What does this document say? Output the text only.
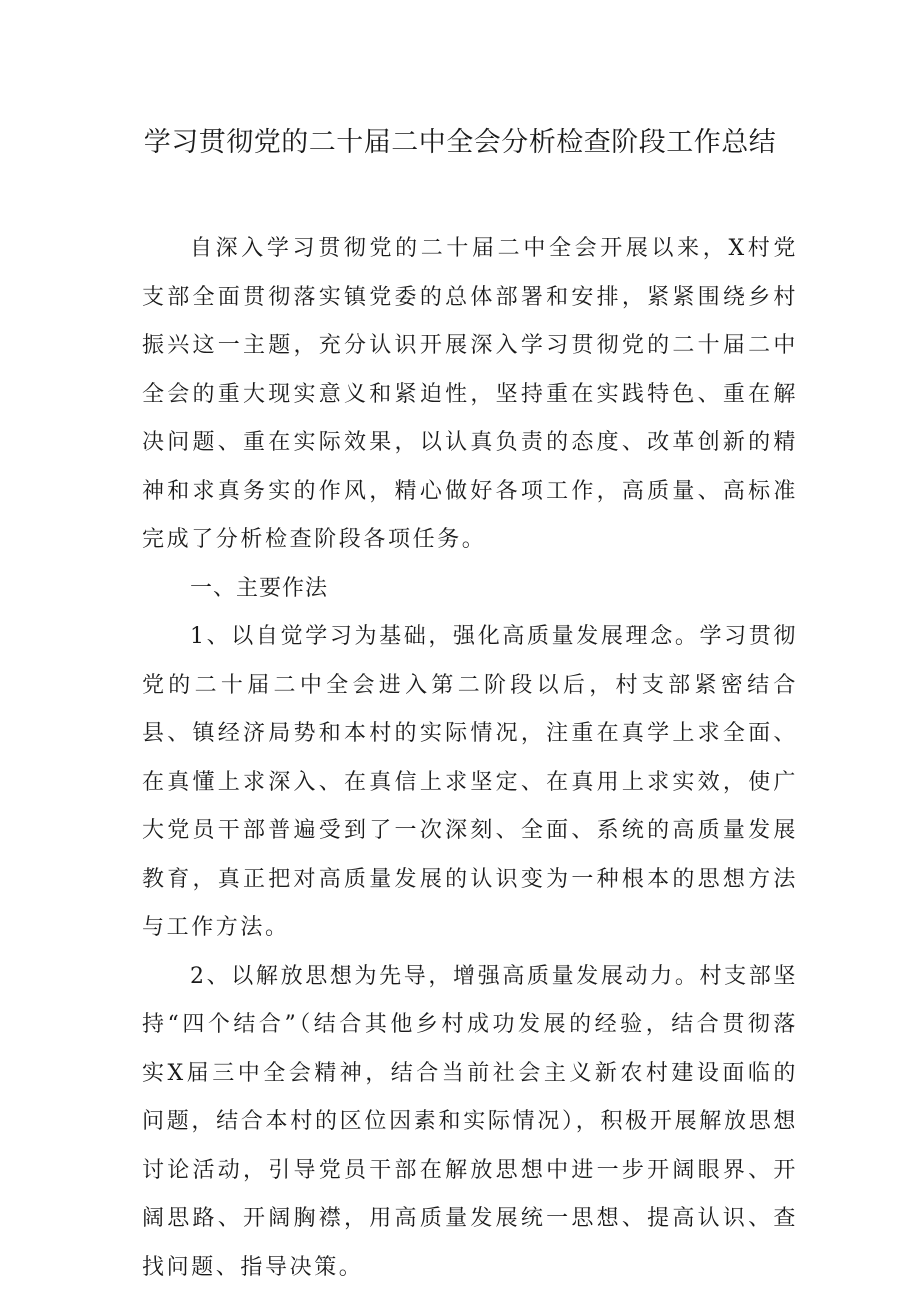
学习贯彻党的二十届二中全会分析检查阶段工作总结

自深入学习贯彻党的二十届二中全会开展以来，X村党支部全面贯彻落实镇党委的总体部署和安排，紧紧围绕乡村振兴这一主题，充分认识开展深入学习贯彻党的二十届二中全会的重大现实意义和紧迫性，坚持重在实践特色、重在解决问题、重在实际效果，以认真负责的态度、改革创新的精神和求真务实的作风，精心做好各项工作，高质量、高标准完成了分析检查阶段各项任务。

一、主要作法

1、以自觉学习为基础，强化高质量发展理念。学习贯彻党的二十届二中全会进入第二阶段以后，村支部紧密结合县、镇经济局势和本村的实际情况，注重在真学上求全面、在真懂上求深入、在真信上求坚定、在真用上求实效，使广大党员干部普遍受到了一次深刻、全面、系统的高质量发展教育，真正把对高质量发展的认识变为一种根本的思想方法与工作方法。

2、以解放思想为先导，增强高质量发展动力。村支部坚持“四个结合”（结合其他乡村成功发展的经验，结合贯彻落实X届三中全会精神，结合当前社会主义新农村建设面临的问题，结合本村的区位因素和实际情况），积极开展解放思想讨论活动，引导党员干部在解放思想中进一步开阔眼界、开阔思路、开阔胸襟，用高质量发展统一思想、提高认识、查找问题、指导决策。
